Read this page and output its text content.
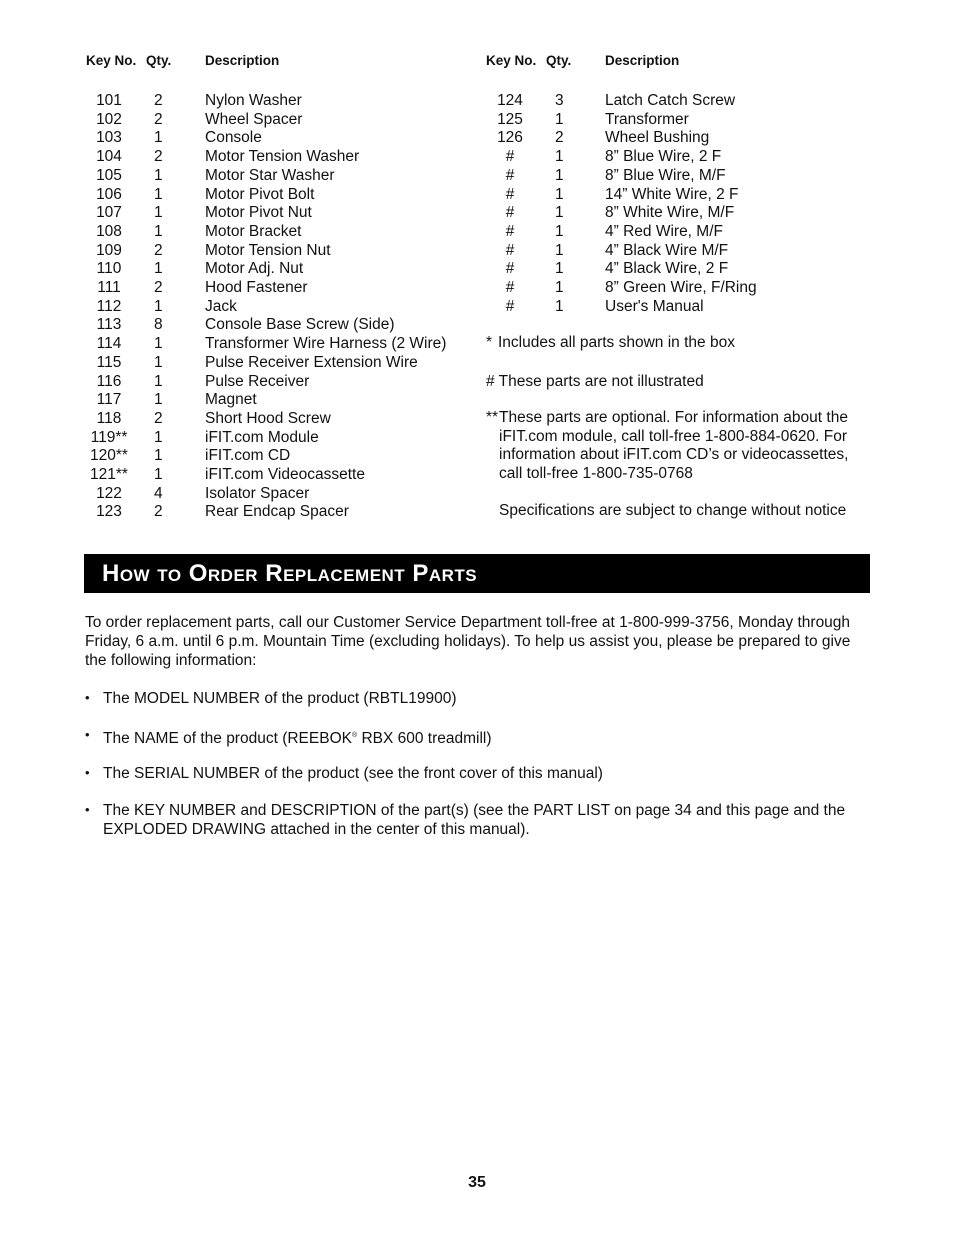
Key No. Qty. Description	Key No. Qty. Description
101	2	Nylon Washer
102	2	Wheel Spacer
103	1	Console
104	2	Motor Tension Washer
105	1	Motor Star Washer
106	1	Motor Pivot Bolt
107	1	Motor Pivot Nut
108	1	Motor Bracket
109	2	Motor Tension Nut
110	1	Motor Adj. Nut
111	2	Hood Fastener
112	1	Jack
113	8	Console Base Screw (Side)
114	1	Transformer Wire Harness (2 Wire)
115	1	Pulse Receiver Extension Wire
116	1	Pulse Receiver
117	1	Magnet
118	2	Short Hood Screw
119** 1	iFIT.com Module
120** 1	iFIT.com CD
121** 1	iFIT.com Videocassette
122	4	Isolator Spacer
123	2	Rear Endcap Spacer
124	3	Latch Catch Screw
125	1	Transformer
126	2	Wheel Bushing
#	1	8” Blue Wire, 2 F
#	1	8” Blue Wire, M/F
#	1	14” White Wire, 2 F
#	1	8” White Wire, M/F
#	1	4” Red Wire, M/F
#	1	4” Black Wire M/F
#	1	4” Black Wire, 2 F
#	1	8” Green Wire, F/Ring
#	1	User's Manual
* Includes all parts shown in the box
# These parts are not illustrated
** These parts are optional. For information about the
iFIT.com module, call toll-free 1-800-884-0620. For
information about iFIT.com CD’s or videocassettes,
call toll-free 1-800-735-0768
Specifications are subject to change without notice
How to Order Replacement Parts
To order replacement parts, call our Customer Service Department toll-free at 1-800-999-3756, Monday through Friday, 6 a.m. until 6 p.m. Mountain Time (excluding holidays). To help us assist you, please be prepared to give the following information:
• The MODEL NUMBER of the product (RBTL19900)
• The NAME of the product (REEBOK® RBX 600 treadmill)
• The SERIAL NUMBER of the product (see the front cover of this manual)
• The KEY NUMBER and DESCRIPTION of the part(s) (see the PART LIST on page 34 and this page and the EXPLODED DRAWING attached in the center of this manual).
35
